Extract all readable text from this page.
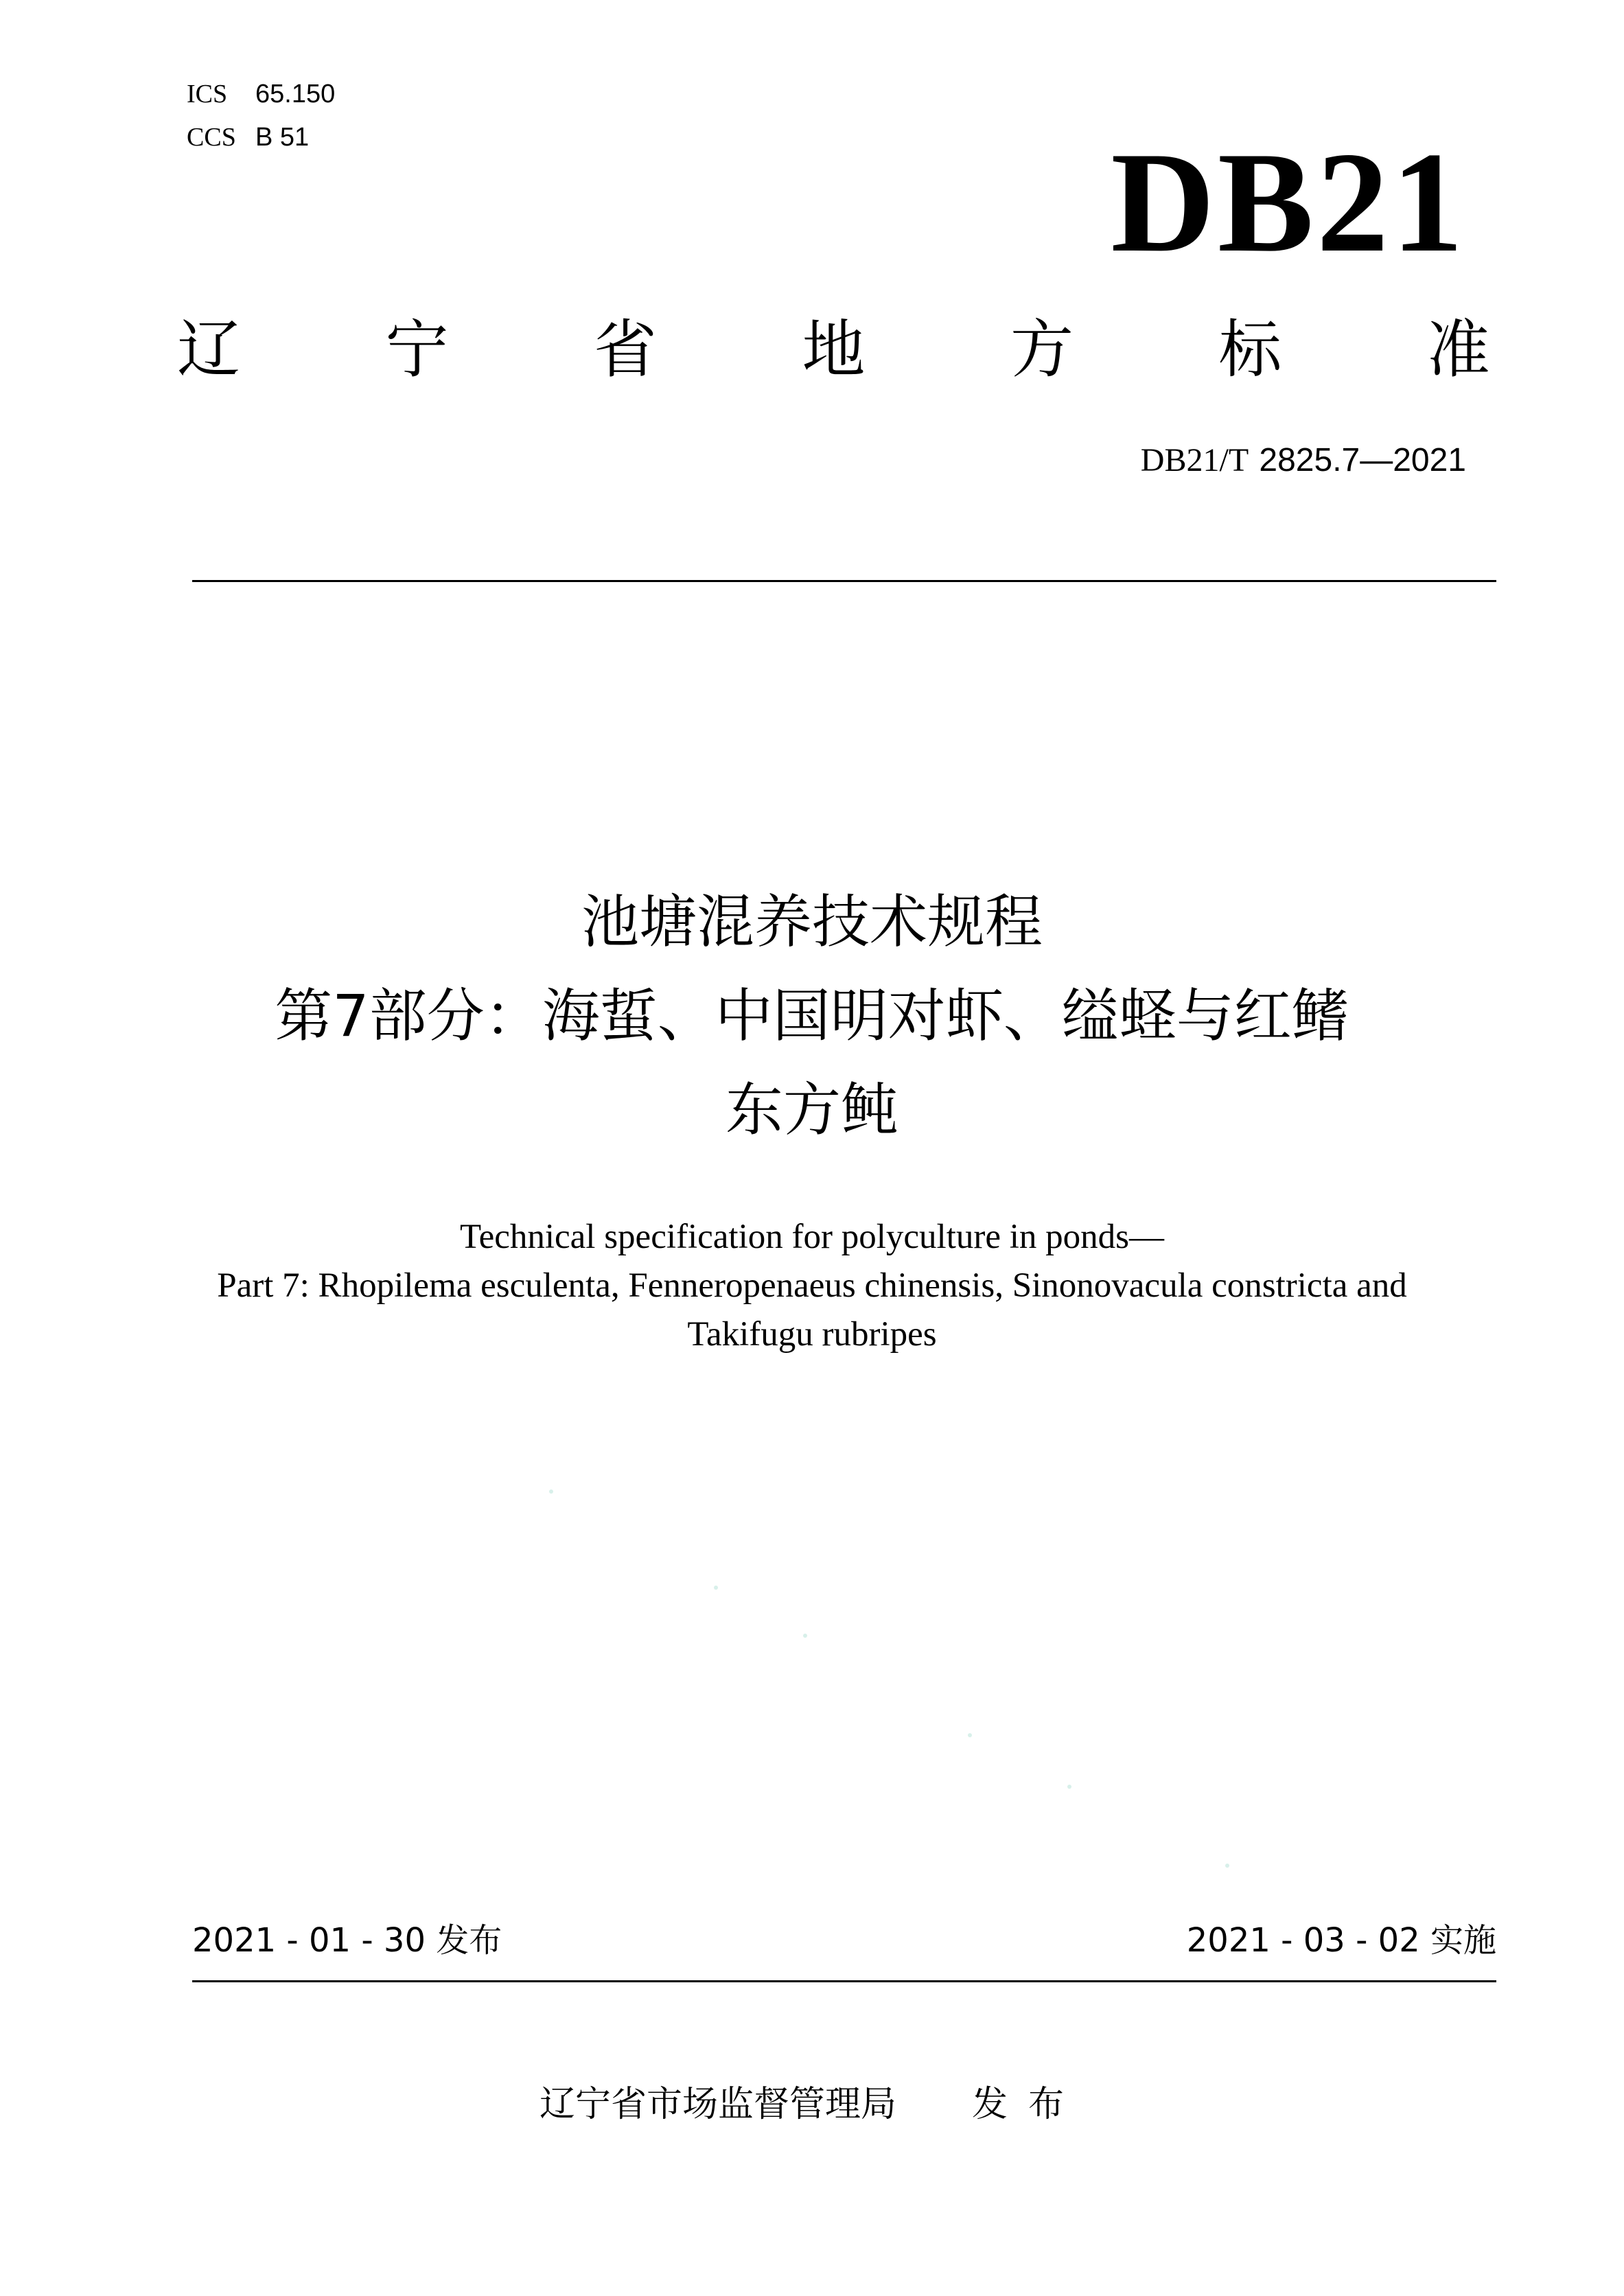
ICS 65.150
CCS B 51	DB21
辽 宁 省 地 方 标 准
DB21/T 2825.7—2021
池塘混养技术规程
第7部分：海蜇、中国明对虾、缢蛏与红鳍
东方鲀
Technical specification for polyculture in ponds—
Part 7: Rhopilema esculenta, Fenneropenaeus chinensis, Sinonovacula constricta and
Takifugu rubripes
2021 - 01 - 30 发布	2021 - 03 - 02 实施
辽宁省市场监督管理局 发布
